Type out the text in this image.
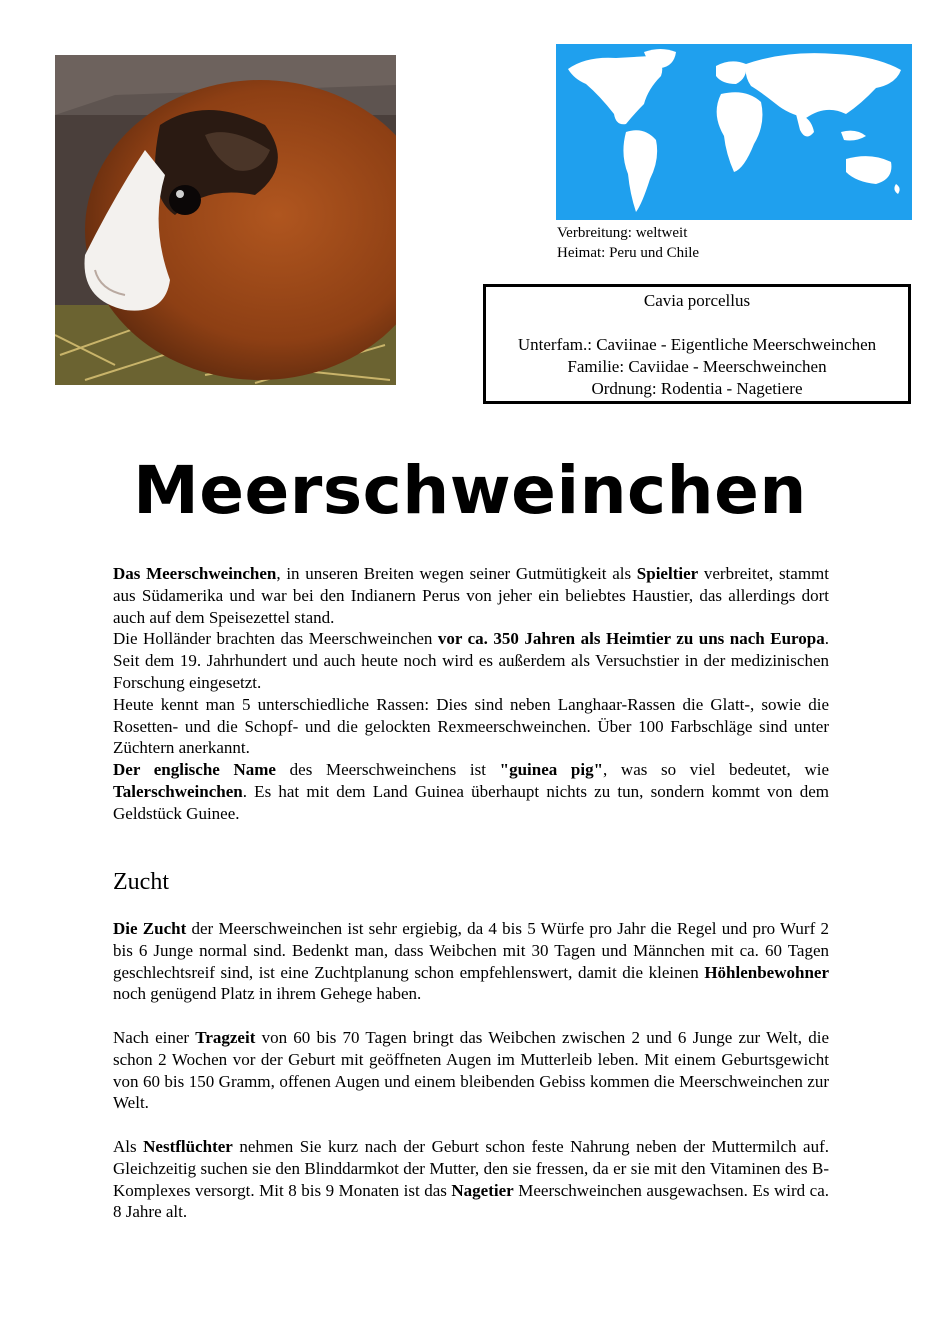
Verbreitung: weltweit
Heimat: Peru und Chile
Cavia porcellus
Unterfam.: Caviinae - Eigentliche Meerschweinchen
Familie: Caviidae - Meerschweinchen
Ordnung: Rodentia - Nagetiere
Meerschweinchen

Das Meerschweinchen, in unseren Breiten wegen seiner Gutmütigkeit als Spieltier verbreitet, stammt aus Südamerika und war bei den Indianern Perus von jeher ein beliebtes Haustier, das allerdings dort auch auf dem Speisezettel stand.

Die Holländer brachten das Meerschweinchen vor ca. 350 Jahren als Heimtier zu uns nach Europa. Seit dem 19. Jahrhundert und auch heute noch wird es außerdem als Versuchstier in der medizinischen Forschung eingesetzt.

Heute kennt man 5 unterschiedliche Rassen: Dies sind neben Langhaar-Rassen die Glatt-, sowie die Rosetten- und die Schopf- und die gelockten Rexmeerschweinchen. Über 100 Farbschläge sind unter Züchtern anerkannt.

Der englische Name des Meerschweinchens ist "guinea pig", was so viel bedeutet, wie Talerschweinchen. Es hat mit dem Land Guinea überhaupt nichts zu tun, sondern kommt von dem Geldstück Guinee.

Zucht

Die Zucht der Meerschweinchen ist sehr ergiebig, da 4 bis 5 Würfe pro Jahr die Regel und pro Wurf 2 bis 6 Junge normal sind. Bedenkt man, dass Weibchen mit 30 Tagen und Männchen mit ca. 60 Tagen geschlechtsreif sind, ist eine Zuchtplanung schon empfehlenswert, damit die kleinen Höhlenbewohner noch genügend Platz in ihrem Gehege haben.

Nach einer Tragzeit von 60 bis 70 Tagen bringt das Weibchen zwischen 2 und 6 Junge zur Welt, die schon 2 Wochen vor der Geburt mit geöffneten Augen im Mutterleib leben. Mit einem Geburtsgewicht von 60 bis 150 Gramm, offenen Augen und einem bleibenden Gebiss kommen die Meerschweinchen zur Welt.

Als Nestflüchter nehmen Sie kurz nach der Geburt schon feste Nahrung neben der Muttermilch auf. Gleichzeitig suchen sie den Blinddarmkot der Mutter, den sie fressen, da er sie mit den Vitaminen des B-Komplexes versorgt. Mit 8 bis 9 Monaten ist das Nagetier Meerschweinchen ausgewachsen. Es wird ca. 8 Jahre alt.
